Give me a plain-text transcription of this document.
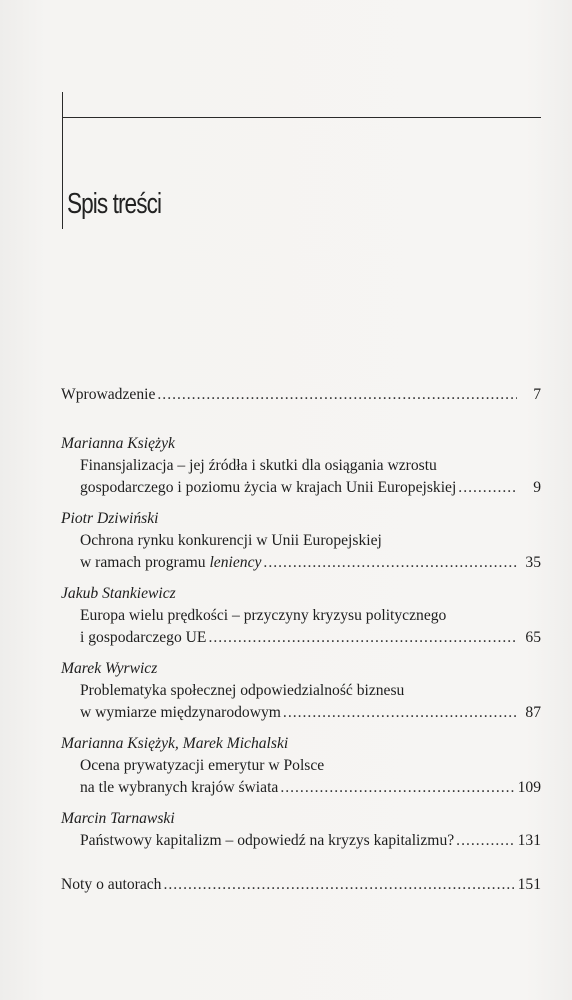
Spis treści
Wprowadzenie .....	7
Marianna Księżyk
Finansjalizacja – jej źródła i skutki dla osiągania wzrostu
gospodarczego i poziomu życia w krajach Unii Europejskiej .....	9
Piotr Dziwiński
Ochrona rynku konkurencji w Unii Europejskiej
w ramach programu leniency .....	35
Jakub Stankiewicz
Europa wielu prędkości – przyczyny kryzysu politycznego
i gospodarczego UE .....	65
Marek Wyrwicz
Problematyka społecznej odpowiedzialność biznesu
w wymiarze międzynarodowym .....	87
Marianna Księżyk, Marek Michalski
Ocena prywatyzacji emerytur w Polsce
na tle wybranych krajów świata .....	109
Marcin Tarnawski
Państwowy kapitalizm – odpowiedź na kryzys kapitalizmu? .....	131
Noty o autorach .....	151
